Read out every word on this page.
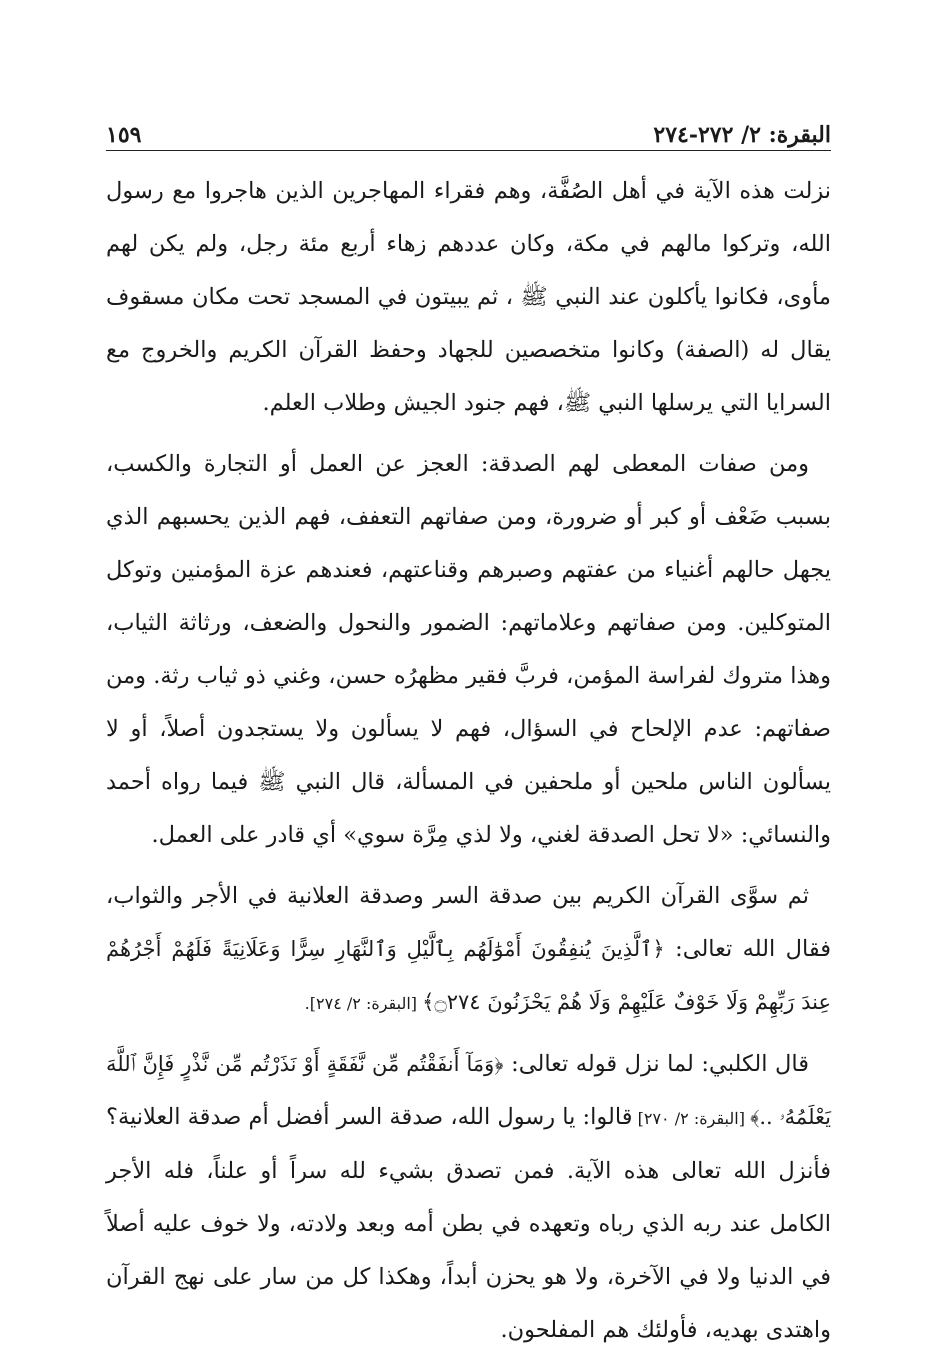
البقرة: ٢/ ٢٧٢-٢٧٤
١٥٩

نزلت هذه الآية في أهل الصُفَّة، وهم فقراء المهاجرين الذين هاجروا مع رسول الله، وتركوا مالهم في مكة، وكان عددهم زهاء أربع مئة رجل، ولم يكن لهم مأوى، فكانوا يأكلون عند النبي ﷺ ، ثم يبيتون في المسجد تحت مكان مسقوف يقال له (الصفة) وكانوا متخصصين للجهاد وحفظ القرآن الكريم والخروج مع السرايا التي يرسلها النبي ﷺ، فهم جنود الجيش وطلاب العلم.

ومن صفات المعطى لهم الصدقة: العجز عن العمل أو التجارة والكسب، بسبب ضَعْف أو كبر أو ضرورة، ومن صفاتهم التعفف، فهم الذين يحسبهم الذي يجهل حالهم أغنياء من عفتهم وصبرهم وقناعتهم، فعندهم عزة المؤمنين وتوكل المتوكلين. ومن صفاتهم وعلاماتهم: الضمور والنحول والضعف، ورثاثة الثياب، وهذا متروك لفراسة المؤمن، فربَّ فقير مظهرُه حسن، وغني ذو ثياب رثة. ومن صفاتهم: عدم الإلحاح في السؤال، فهم لا يسألون ولا يستجدون أصلاً، أو لا يسألون الناس ملحين أو ملحفين في المسألة، قال النبي ﷺ فيما رواه أحمد والنسائي: «لا تحل الصدقة لغني، ولا لذي مِرَّة سوي» أي قادر على العمل.

ثم سوَّى القرآن الكريم بين صدقة السر وصدقة العلانية في الأجر والثواب، فقال الله تعالى: ﴿ٱلَّذِينَ يُنفِقُونَ أَمْوَٰلَهُم بِٱلَّيْلِ وَٱلنَّهَارِ سِرًّا وَعَلَانِيَةً فَلَهُمْ أَجْرُهُمْ عِندَ رَبِّهِمْ وَلَا خَوْفٌ عَلَيْهِمْ وَلَا هُمْ يَحْزَنُونَ ۝٢٧٤﴾ [البقرة: ٢/ ٢٧٤].

قال الكلبي: لما نزل قوله تعالى: ﴿وَمَآ أَنفَقْتُم مِّن نَّفَقَةٍ أَوْ نَذَرْتُم مِّن نَّذْرٍ فَإِنَّ ٱللَّهَ يَعْلَمُهُۥ ..﴾ [البقرة: ٢/ ٢٧٠] قالوا: يا رسول الله، صدقة السر أفضل أم صدقة العلانية؟ فأنزل الله تعالى هذه الآية. فمن تصدق بشيء لله سراً أو علناً، فله الأجر الكامل عند ربه الذي رباه وتعهده في بطن أمه وبعد ولادته، ولا خوف عليه أصلاً في الدنيا ولا في الآخرة، ولا هو يحزن أبداً، وهكذا كل من سار على نهج القرآن واهتدى بهديه، فأولئك هم المفلحون.
